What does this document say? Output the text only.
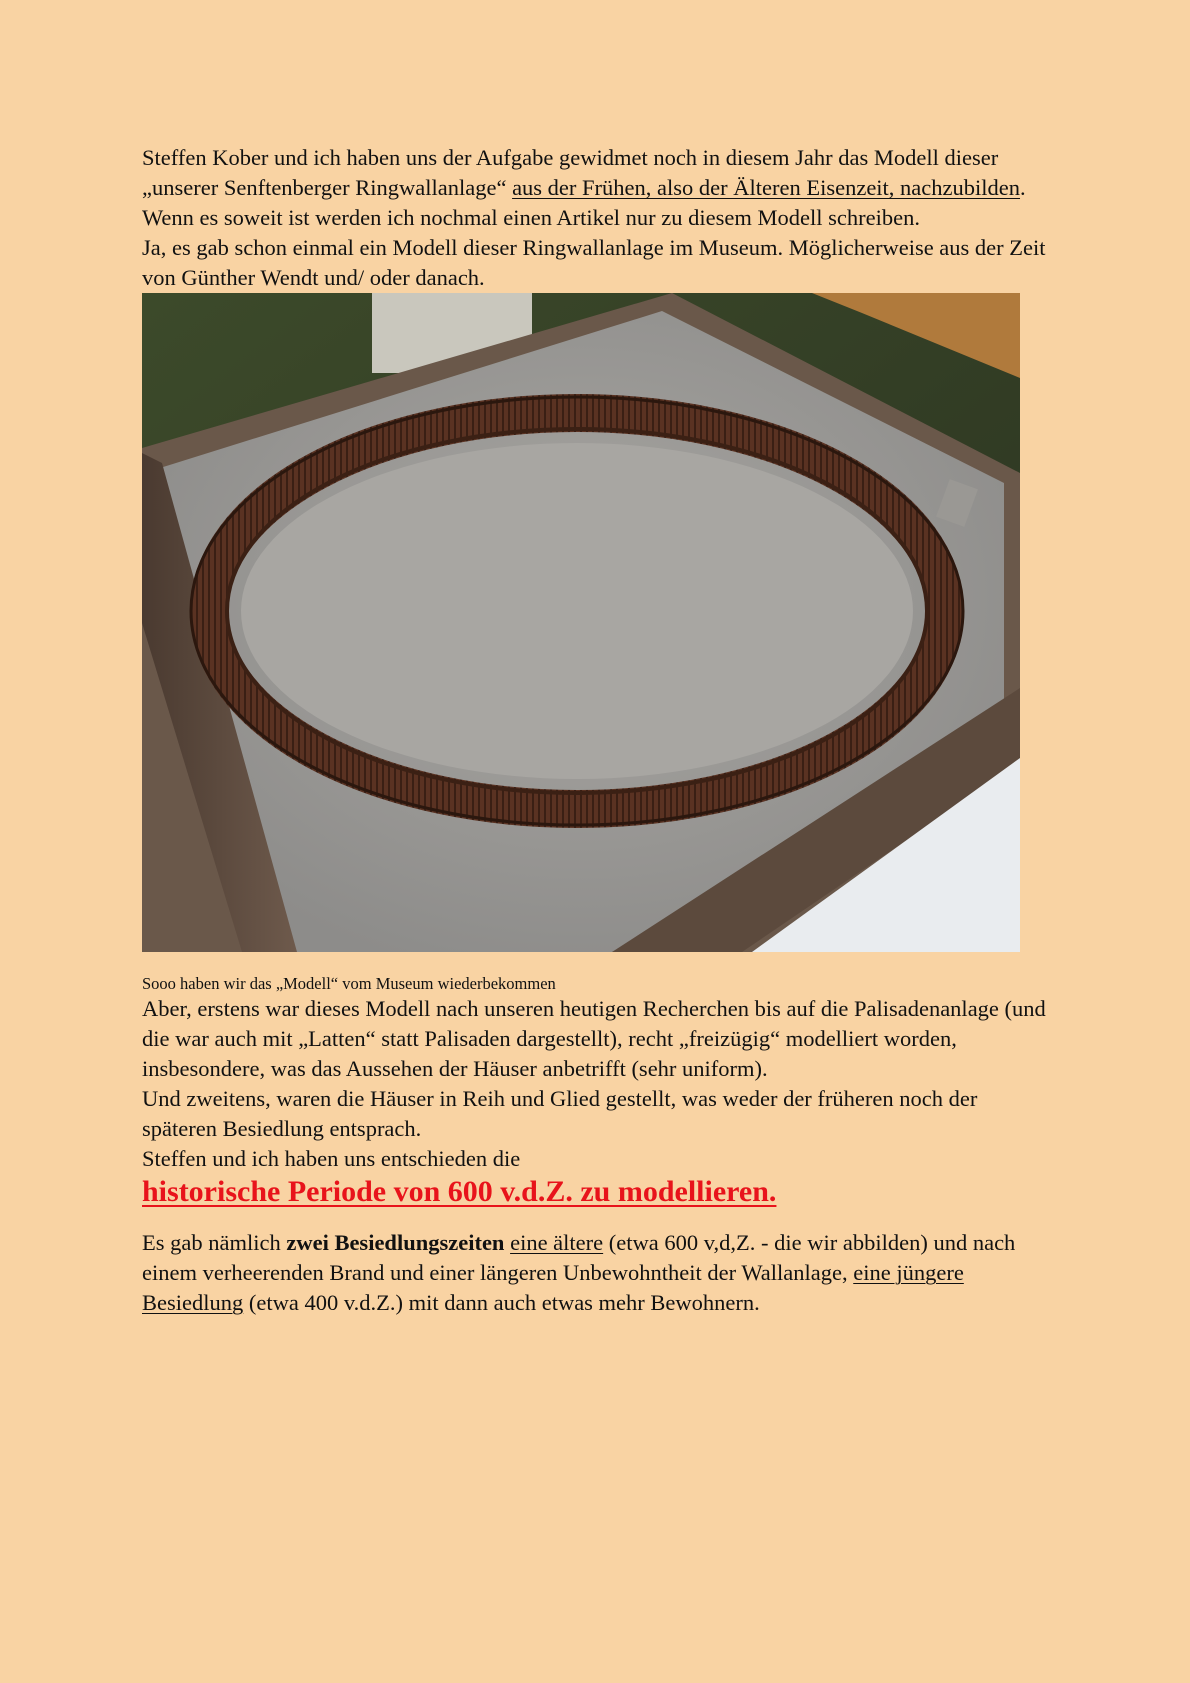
Steffen Kober und ich haben uns der Aufgabe gewidmet noch in diesem Jahr das Modell dieser „unserer Senftenberger Ringwallanlage“ aus der Frühen, also der Älteren Eisenzeit, nachzubilden. Wenn es soweit ist werden ich nochmal einen Artikel nur zu diesem Modell schreiben.

Ja, es gab schon einmal ein Modell dieser Ringwallanlage im Museum. Möglicherweise aus der Zeit von Günther Wendt und/ oder danach.

Sooo haben wir das „Modell“ vom Museum wiederbekommen

Aber, erstens war dieses Modell nach unseren heutigen Recherchen bis auf die Palisadenanlage (und die war auch mit „Latten“ statt Palisaden dargestellt), recht „freizügig“ modelliert worden, insbesondere, was das Aussehen der Häuser anbetrifft (sehr uniform).

Und zweitens, waren die Häuser in Reih und Glied gestellt, was weder der früheren noch der späteren Besiedlung entsprach.

Steffen und ich haben uns entschieden die

historische Periode von 600 v.d.Z. zu modellieren.

Es gab nämlich zwei Besiedlungszeiten eine ältere (etwa 600 v,d,Z. - die wir abbilden) und nach einem verheerenden Brand und einer längeren Unbewohntheit der Wallanlage, eine jüngere Besiedlung (etwa 400 v.d.Z.) mit dann auch etwas mehr Bewohnern.
